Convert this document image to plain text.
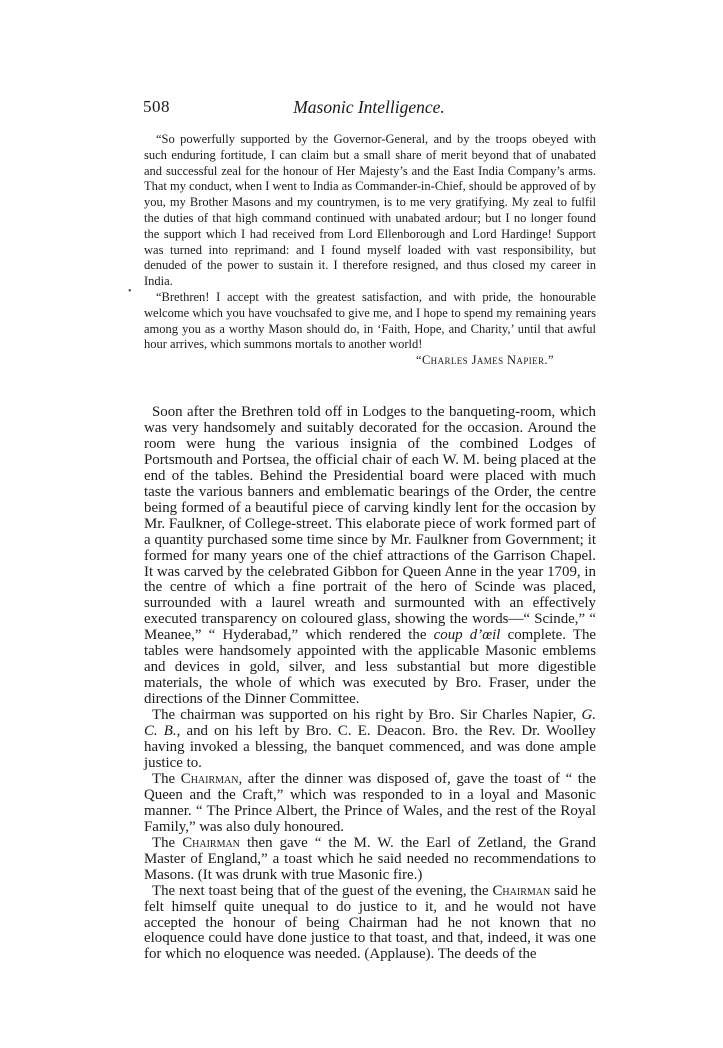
508	Masonic Intelligence.

“So powerfully supported by the Governor-General, and by the troops obeyed with such enduring fortitude, I can claim but a small share of merit beyond that of unabated and successful zeal for the honour of Her Majesty’s and the East India Company’s arms. That my conduct, when I went to India as Commander-in-Chief, should be approved of by you, my Brother Masons and my countrymen, is to me very gratifying. My zeal to fulfil the duties of that high command continued with unabated ardour; but I no longer found the support which I had received from Lord Ellenborough and Lord Hardinge! Support was turned into reprimand: and I found myself loaded with vast responsibility, but denuded of the power to sustain it. I therefore resigned, and thus closed my career in India.

“Brethren! I accept with the greatest satisfaction, and with pride, the honourable welcome which you have vouchsafed to give me, and I hope to spend my remaining years among you as a worthy Mason should do, in ‘Faith, Hope, and Charity,’ until that awful hour arrives, which summons mortals to another world!

“Charles James Napier.”

Soon after the Brethren told off in Lodges to the banqueting-room, which was very handsomely and suitably decorated for the occasion. Around the room were hung the various insignia of the combined Lodges of Portsmouth and Portsea, the official chair of each W. M. being placed at the end of the tables. Behind the Presidential board were placed with much taste the various banners and emblematic bearings of the Order, the centre being formed of a beautiful piece of carving kindly lent for the occasion by Mr. Faulkner, of College-street. This elaborate piece of work formed part of a quantity purchased some time since by Mr. Faulkner from Government; it formed for many years one of the chief attractions of the Garrison Chapel. It was carved by the celebrated Gibbon for Queen Anne in the year 1709, in the centre of which a fine portrait of the hero of Scinde was placed, surrounded with a laurel wreath and surmounted with an effectively executed transparency on coloured glass, showing the words—“ Scinde,” “ Meanee,” “ Hyderabad,” which rendered the coup d’œil complete. The tables were handsomely appointed with the applicable Masonic emblems and devices in gold, silver, and less substantial but more digestible materials, the whole of which was executed by Bro. Fraser, under the directions of the Dinner Committee.

The chairman was supported on his right by Bro. Sir Charles Napier, G. C. B., and on his left by Bro. C. E. Deacon. Bro. the Rev. Dr. Woolley having invoked a blessing, the banquet commenced, and was done ample justice to.

The Chairman, after the dinner was disposed of, gave the toast of “ the Queen and the Craft,” which was responded to in a loyal and Masonic manner. “ The Prince Albert, the Prince of Wales, and the rest of the Royal Family,” was also duly honoured.

The Chairman then gave “ the M. W. the Earl of Zetland, the Grand Master of England,” a toast which he said needed no recommendations to Masons. (It was drunk with true Masonic fire.)

The next toast being that of the guest of the evening, the Chairman said he felt himself quite unequal to do justice to it, and he would not have accepted the honour of being Chairman had he not known that no eloquence could have done justice to that toast, and that, indeed, it was one for which no eloquence was needed. (Applause). The deeds of the

•
